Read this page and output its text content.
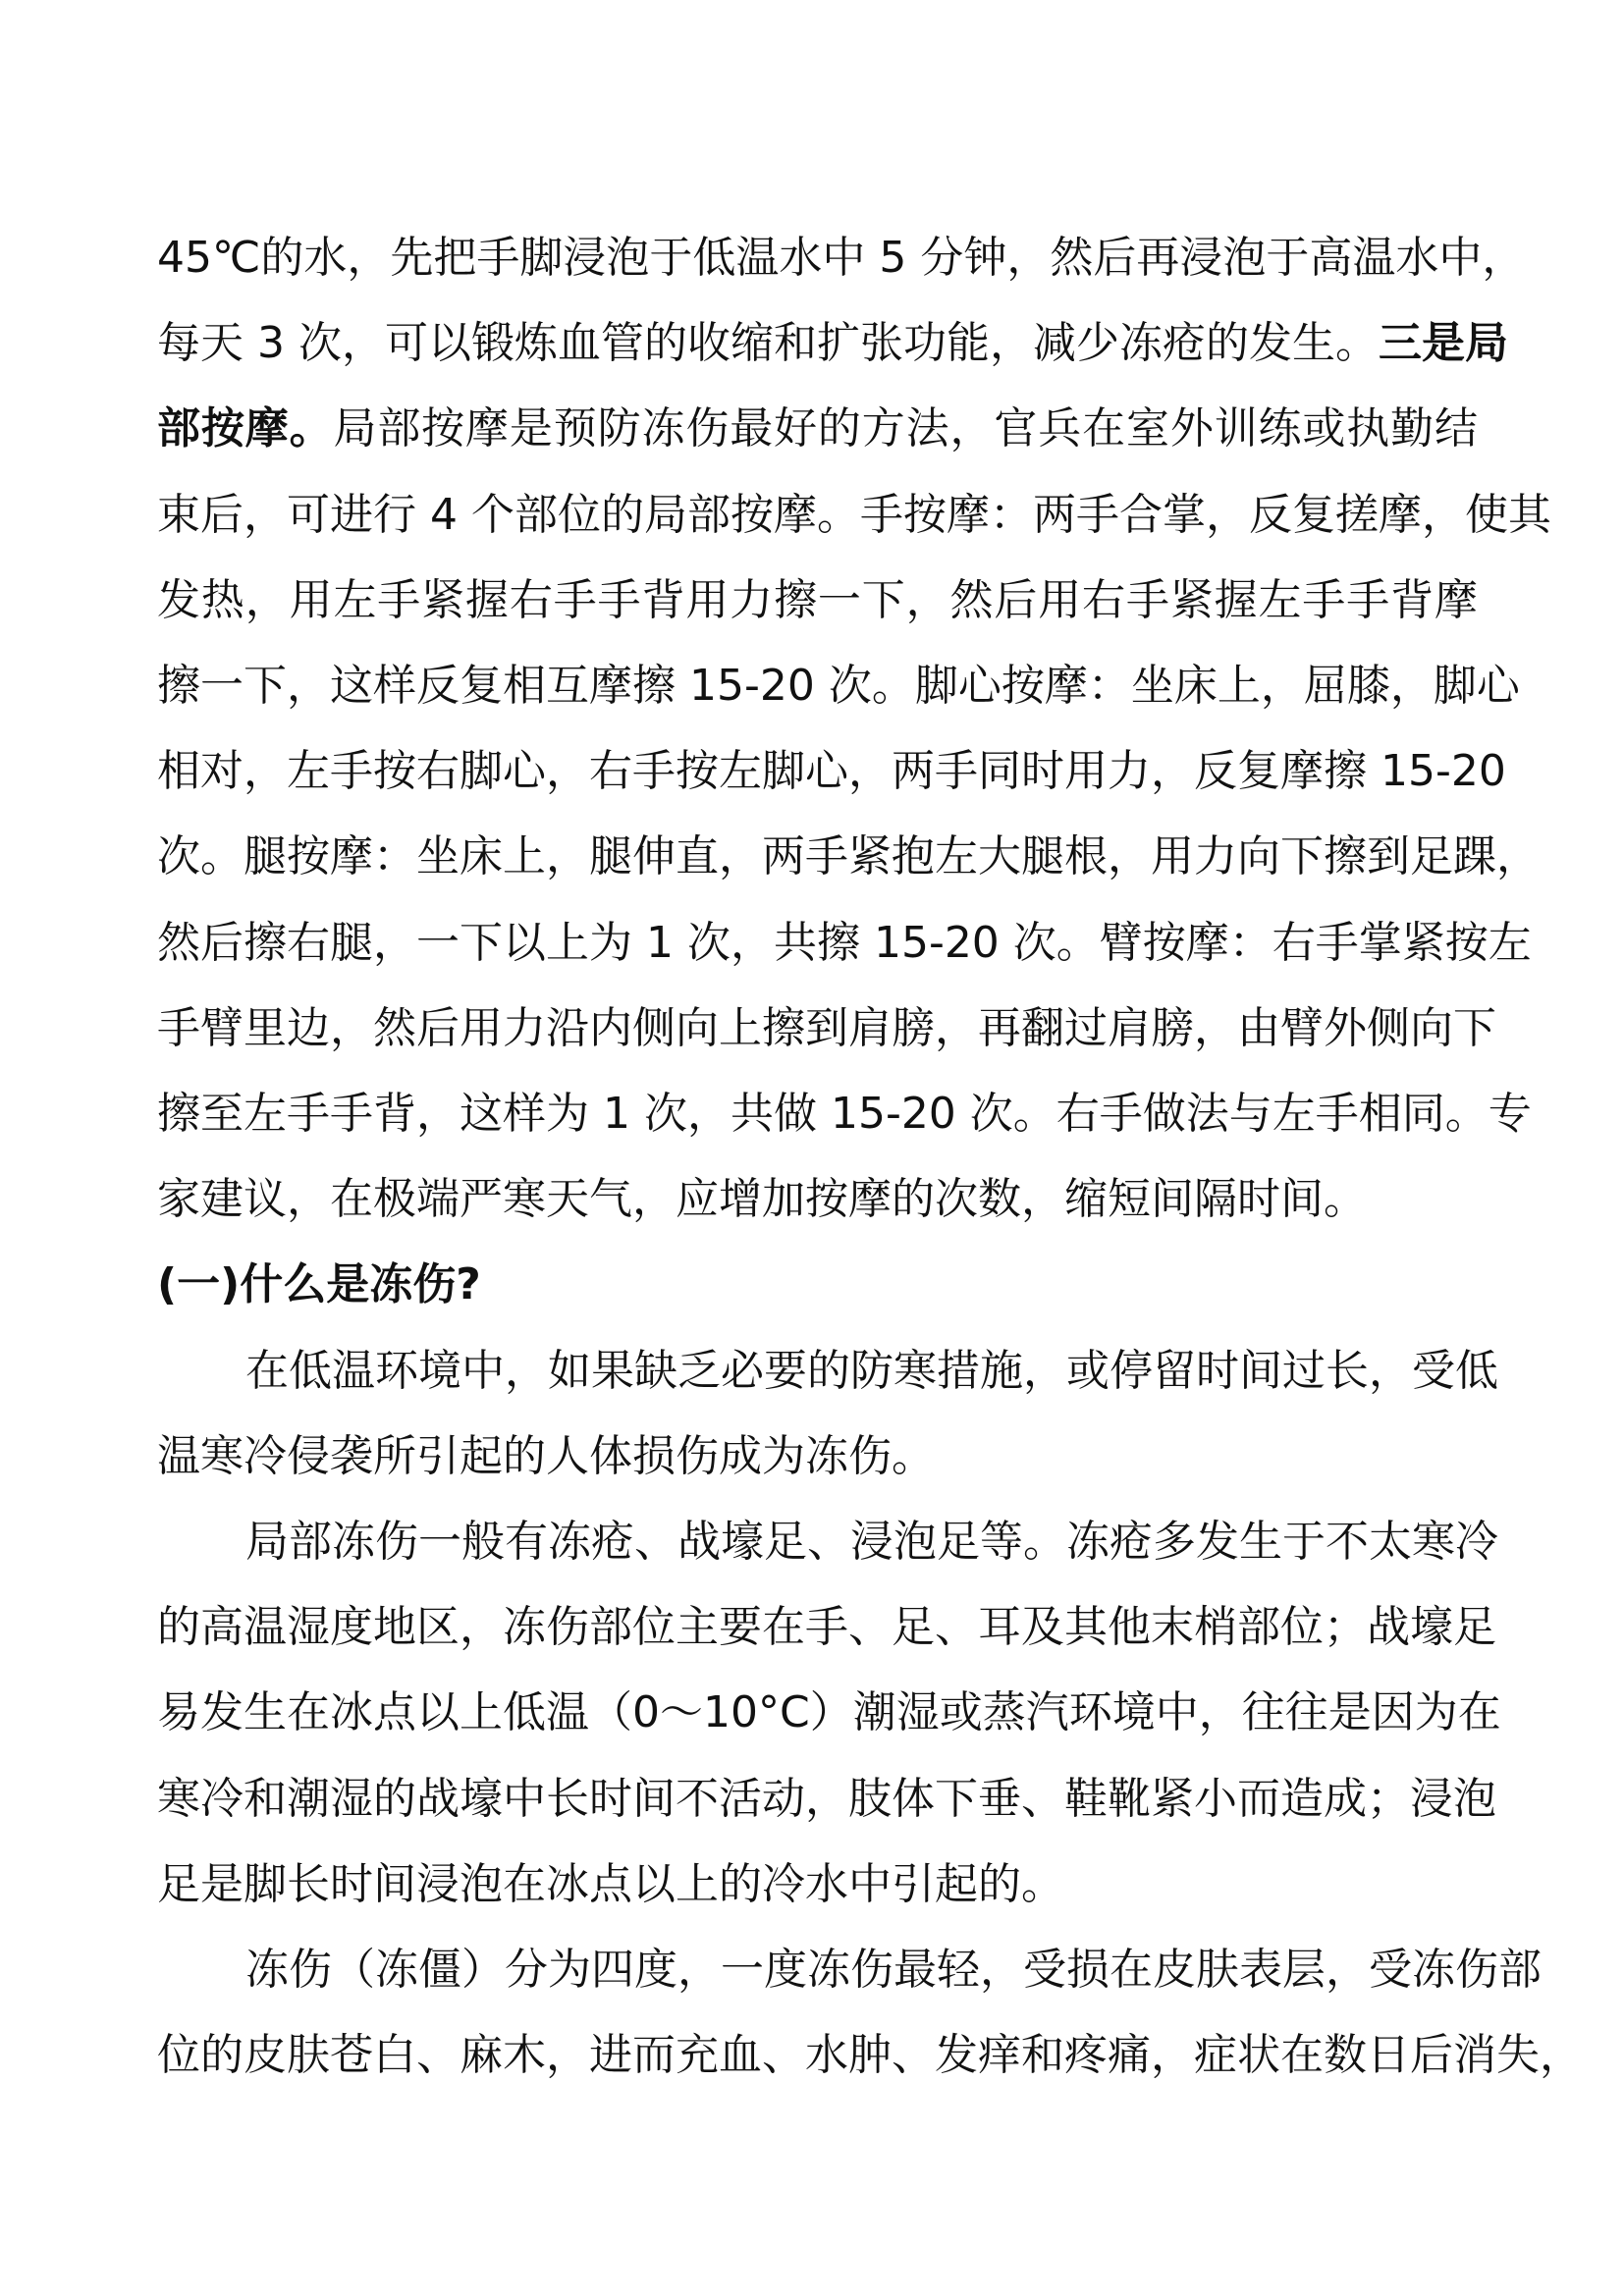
45℃的水，先把手脚浸泡于低温水中 5 分钟，然后再浸泡于高温水中，
每天 3 次，可以锻炼血管的收缩和扩张功能，减少冻疮的发生。三是局
部按摩。局部按摩是预防冻伤最好的方法，官兵在室外训练或执勤结
束后，可进行 4 个部位的局部按摩。手按摩：两手合掌，反复搓摩，使其
发热，用左手紧握右手手背用力擦一下，然后用右手紧握左手手背摩
擦一下，这样反复相互摩擦 15-20 次。脚心按摩：坐床上，屈膝，脚心
相对，左手按右脚心，右手按左脚心，两手同时用力，反复摩擦 15-20
次。腿按摩：坐床上，腿伸直，两手紧抱左大腿根，用力向下擦到足踝，
然后擦右腿，一下以上为 1 次，共擦 15-20 次。臂按摩：右手掌紧按左
手臂里边，然后用力沿内侧向上擦到肩膀，再翻过肩膀，由臂外侧向下
擦至左手手背，这样为 1 次，共做 15-20 次。右手做法与左手相同。专
家建议，在极端严寒天气，应增加按摩的次数，缩短间隔时间。
(一)什么是冻伤?
在低温环境中，如果缺乏必要的防寒措施，或停留时间过长，受低
温寒冷侵袭所引起的人体损伤成为冻伤。
局部冻伤一般有冻疮、战壕足、浸泡足等。冻疮多发生于不太寒冷
的高温湿度地区，冻伤部位主要在手、足、耳及其他末梢部位；战壕足
易发生在冰点以上低温（0～10°C）潮湿或蒸汽环境中，往往是因为在
寒冷和潮湿的战壕中长时间不活动，肢体下垂、鞋靴紧小而造成；浸泡
足是脚长时间浸泡在冰点以上的冷水中引起的。
冻伤（冻僵）分为四度，一度冻伤最轻，受损在皮肤表层，受冻伤部
位的皮肤苍白、麻木，进而充血、水肿、发痒和疼痛，症状在数日后消失，
